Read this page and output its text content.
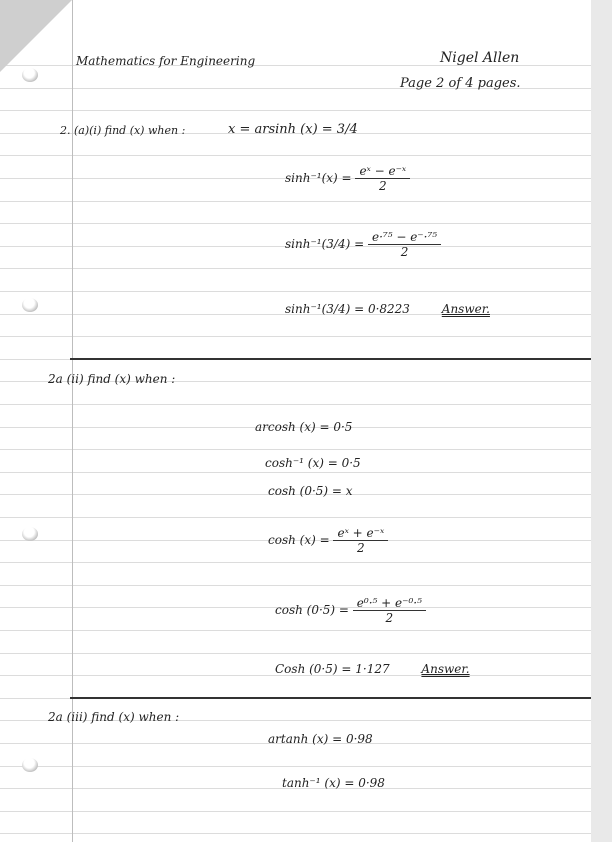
Mathematics for Engineering	Nigel Allen
Page 2 of 4 pages.
2. (a)(i) find (x) when :	x = arsinh (x) = 3/4
$\sinh^{-1}(x) = \frac{\text{eˣ − e⁻ˣ}}{2}$
$\sinh^{-1}(3/4) = \frac{\text{e·⁷⁵ − e⁻·⁷⁵}}{2}$
sinh⁻¹(3/4) = 0·8223	Answer.
2a (ii) find (x) when :
arcosh (x) = 0·5
cosh⁻¹ (x) = 0·5
cosh (0·5) = x
$\cosh (x) = \frac{\text{eˣ + e⁻ˣ}}{2}$
$\cosh (0\cdot 5) = \frac{\text{e⁰·⁵ + e⁻⁰·⁵}}{2}$
Cosh (0·5) = 1·127	Answer.
2a (iii) find (x) when :
artanh (x) = 0·98
tanh⁻¹ (x) = 0·98
